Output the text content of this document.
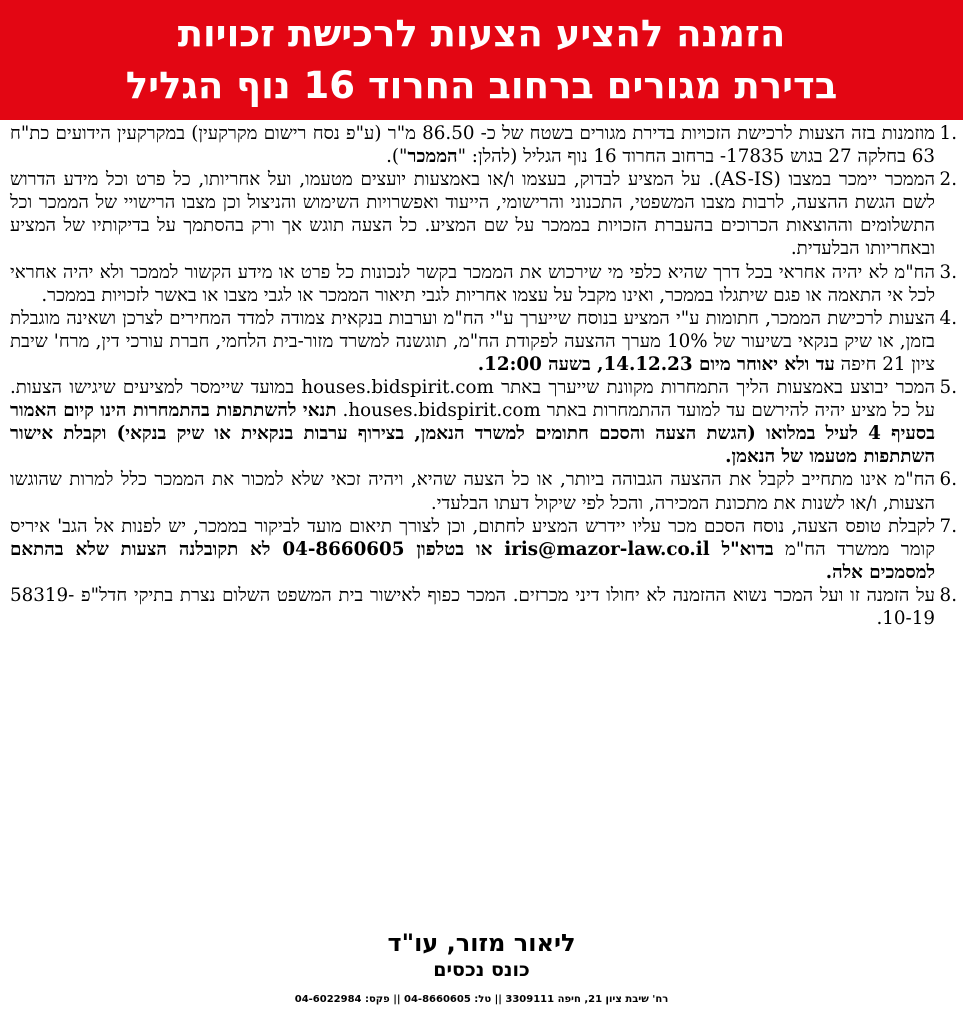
הזמנה להציע הצעות לרכישת זכויות
בדירת מגורים ברחוב החרוד 16 נוף הגליל
.1
מוזמנות בזה הצעות לרכישת הזכויות בדירת מגורים בשטח של כ- 86.50 מ"ר (ע"פ נסח רישום מקרקעין) במקרקעין הידועים כת"ח 63 בחלקה 27 בגוש 17835- ברחוב החרוד 16 נוף הגליל (להלן: "הממכר").
.2
הממכר יימכר במצבו (AS-IS). על המציע לבדוק, בעצמו ו/או באמצעות יועצים מטעמו, ועל אחריותו, כל פרט וכל מידע הדרוש לשם הגשת ההצעה, לרבות מצבו המשפטי, התכנוני והרישומי, הייעוד ואפשרויות השימוש והניצול וכן מצבו הרישויי של הממכר וכל התשלומים וההוצאות הכרוכים בהעברת הזכויות בממכר על שם המציע. כל הצעה תוגש אך ורק בהסתמך על בדיקותיו של המציע ובאחריותו הבלעדית.
.3
הח"מ לא יהיה אחראי בכל דרך שהיא כלפי מי שירכוש את הממכר בקשר לנכונות כל פרט או מידע הקשור לממכר ולא יהיה אחראי לכל אי התאמה או פגם שיתגלו בממכר, ואינו מקבל על עצמו אחריות לגבי תיאור הממכר או לגבי מצבו או באשר לזכויות בממכר.
.4
הצעות לרכישת הממכר, חתומות ע"י המציע בנוסח שייערך ע"י הח"מ וערבות בנקאית צמודה למדד המחירים לצרכן ושאינה מוגבלת בזמן, או שיק בנקאי בשיעור של 10% מערך ההצעה לפקודת הח"מ, תוגשנה למשרד מזור-בית הלחמי, חברת עורכי דין, מרח' שיבת ציון 21 חיפה עד ולא יאוחר מיום 14.12.23, בשעה 12:00.
.5
המכר יבוצע באמצעות הליך התמחרות מקוונת שייערך באתר houses.bidspirit.com במועד שיימסר למציעים שיגישו הצעות. על כל מציע יהיה להירשם עד למועד ההתמחרות באתר houses.bidspirit.com. תנאי להשתתפות בהתמחרות הינו קיום האמור בסעיף 4 לעיל במלואו (הגשת הצעה והסכם חתומים למשרד הנאמן, בצירוף ערבות בנקאית או שיק בנקאי) וקבלת אישור השתתפות מטעמו של הנאמן.
.6
הח"מ אינו מתחייב לקבל את ההצעה הגבוהה ביותר, או כל הצעה שהיא, ויהיה זכאי שלא למכור את הממכר כלל למרות שהוגשו הצעות, ו/או לשנות את מתכונת המכירה, והכל לפי שיקול דעתו הבלעדי.
.7
לקבלת טופס הצעה, נוסח הסכם מכר עליו יידרש המציע לחתום, וכן לצורך תיאום מועד לביקור בממכר, יש לפנות אל הגב' איריס קומר ממשרד הח"מ בדוא"ל iris@mazor-law.co.il או בטלפון 04-8660605 לא תקובלנה הצעות שלא בהתאם למסמכים אלה.
.8
על הזמנה זו ועל המכר נשוא ההזמנה לא יחולו דיני מכרזים. המכר כפוף לאישור בית המשפט השלום נצרת בתיקי חדל"פ 58319-10-19.
ליאור מזור, עו"ד
כונס נכסים
רח' שיבת ציון 21, חיפה 3309111 || טל: 04-8660605 || פקס: 04-6022984
